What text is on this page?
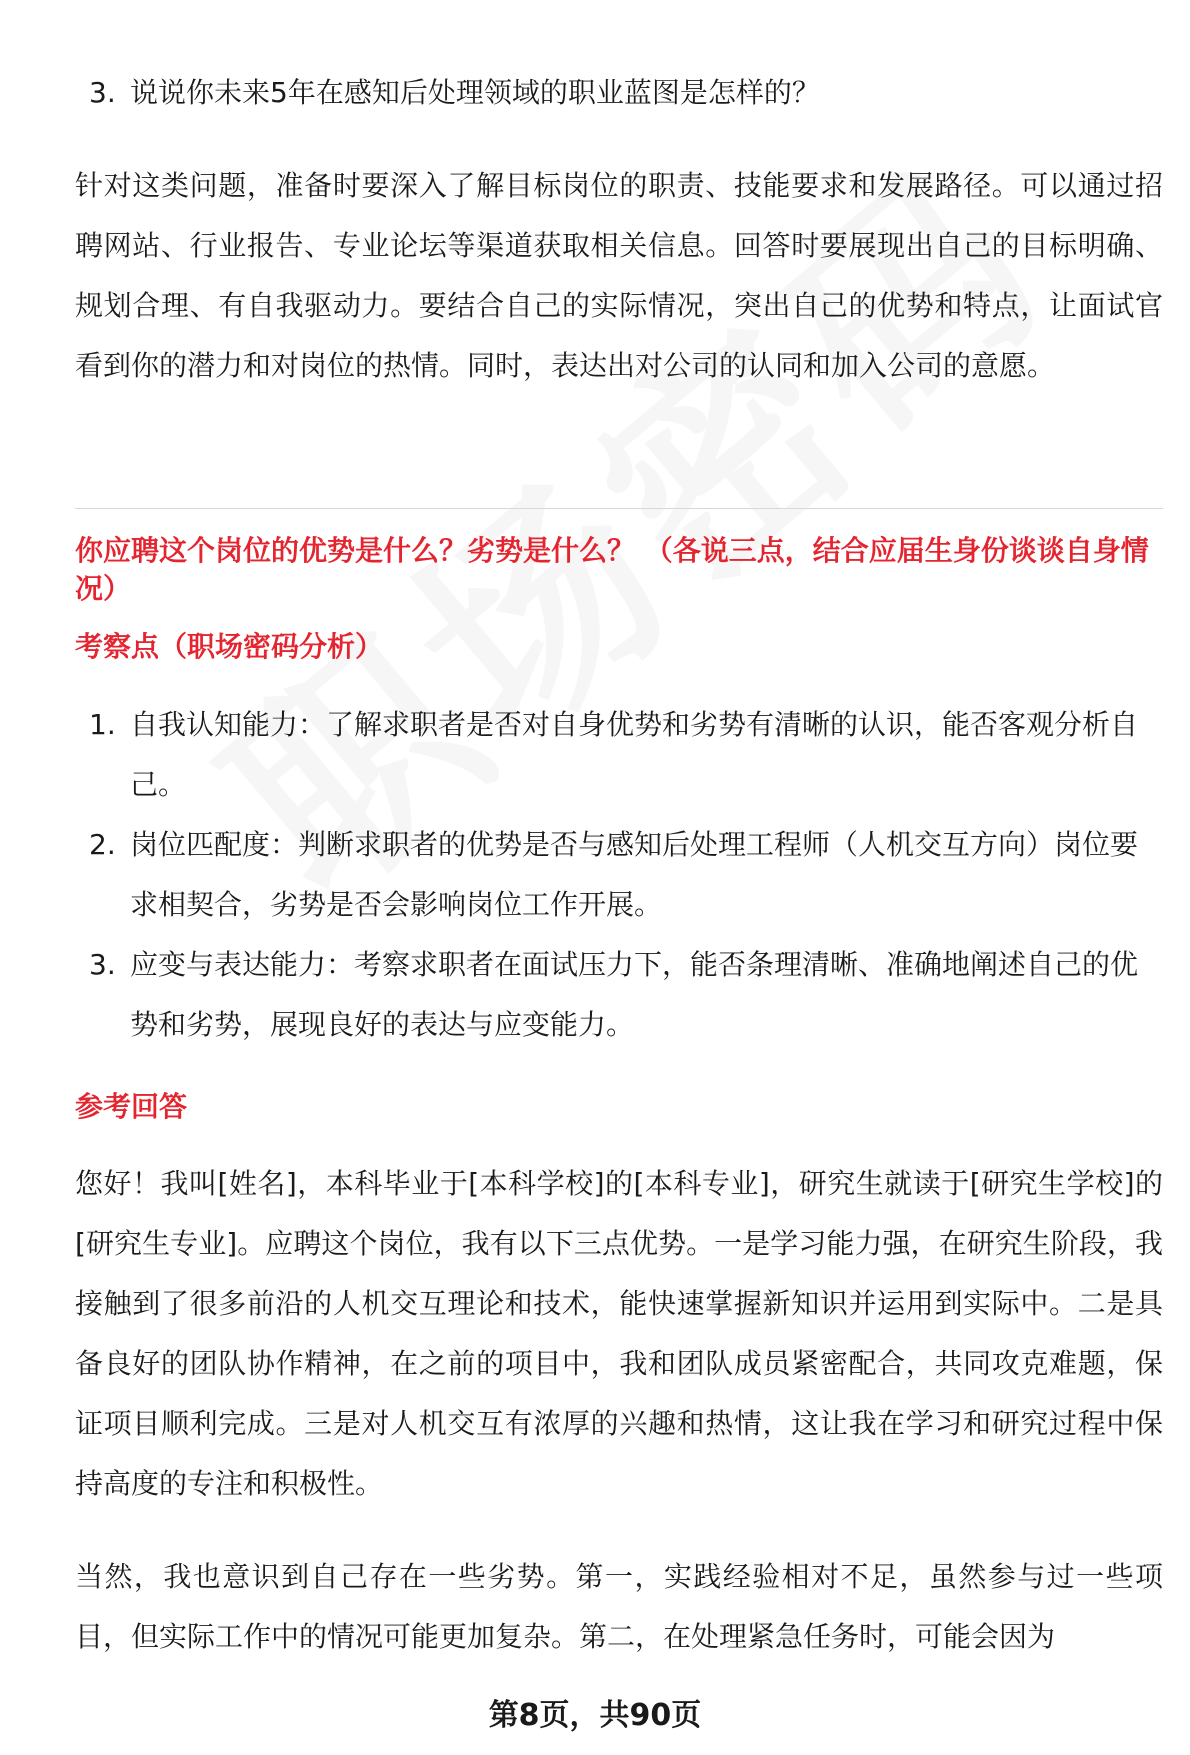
3. 说说你未来5年在感知后处理领域的职业蓝图是怎样的？
针对这类问题，准备时要深入了解目标岗位的职责、技能要求和发展路径。可以通过招聘网站、行业报告、专业论坛等渠道获取相关信息。回答时要展现出自己的目标明确、规划合理、有自我驱动力。要结合自己的实际情况，突出自己的优势和特点，让面试官看到你的潜力和对岗位的热情。同时，表达出对公司的认同和加入公司的意愿。
你应聘这个岗位的优势是什么？劣势是什么？ （各说三点，结合应届生身份谈谈自身情况）
考察点（职场密码分析）
1. 自我认知能力：了解求职者是否对自身优势和劣势有清晰的认识，能否客观分析自己。
2. 岗位匹配度：判断求职者的优势是否与感知后处理工程师（人机交互方向）岗位要求相契合，劣势是否会影响岗位工作开展。
3. 应变与表达能力：考察求职者在面试压力下，能否条理清晰、准确地阐述自己的优势和劣势，展现良好的表达与应变能力。
参考回答
您好！我叫[姓名]，本科毕业于[本科学校]的[本科专业]，研究生就读于[研究生学校]的[研究生专业]。应聘这个岗位，我有以下三点优势。一是学习能力强，在研究生阶段，我接触到了很多前沿的人机交互理论和技术，能快速掌握新知识并运用到实际中。二是具备良好的团队协作精神，在之前的项目中，我和团队成员紧密配合，共同攻克难题，保证项目顺利完成。三是对人机交互有浓厚的兴趣和热情，这让我在学习和研究过程中保持高度的专注和积极性。
当然，我也意识到自己存在一些劣势。第一，实践经验相对不足，虽然参与过一些项目，但实际工作中的情况可能更加复杂。第二，在处理紧急任务时，可能会因为
第8页，共90页
